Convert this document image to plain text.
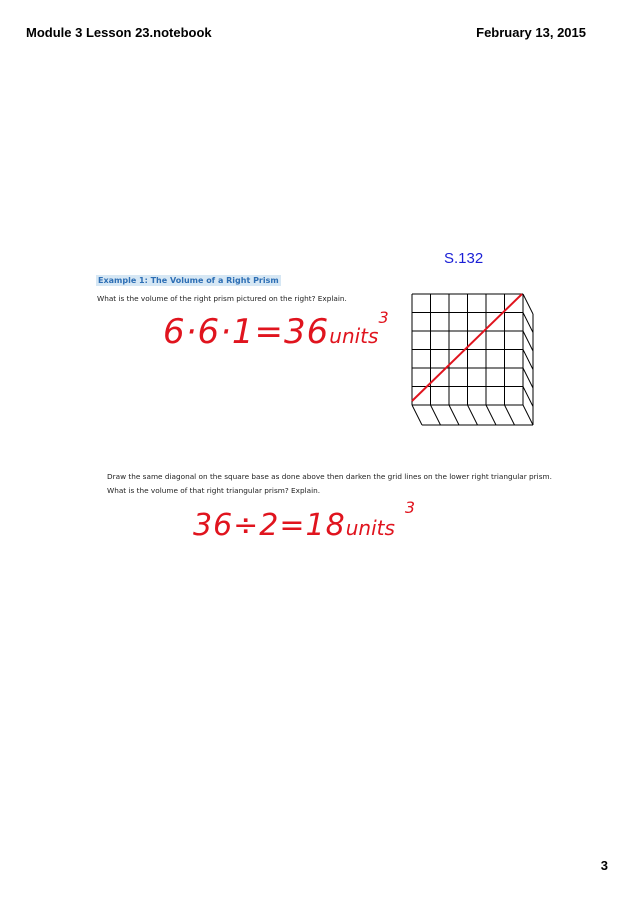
Module 3 Lesson 23.notebook	February 13, 2015
S.132
Example 1: The Volume of a Right Prism
What is the volume of the right prism pictured on the right? Explain.
6·6·1=36units$^3$
Draw the same diagonal on the square base as done above then darken the grid lines on the lower right triangular prism.
What is the volume of that right triangular prism? Explain.
36÷2=18units$^3$
3
